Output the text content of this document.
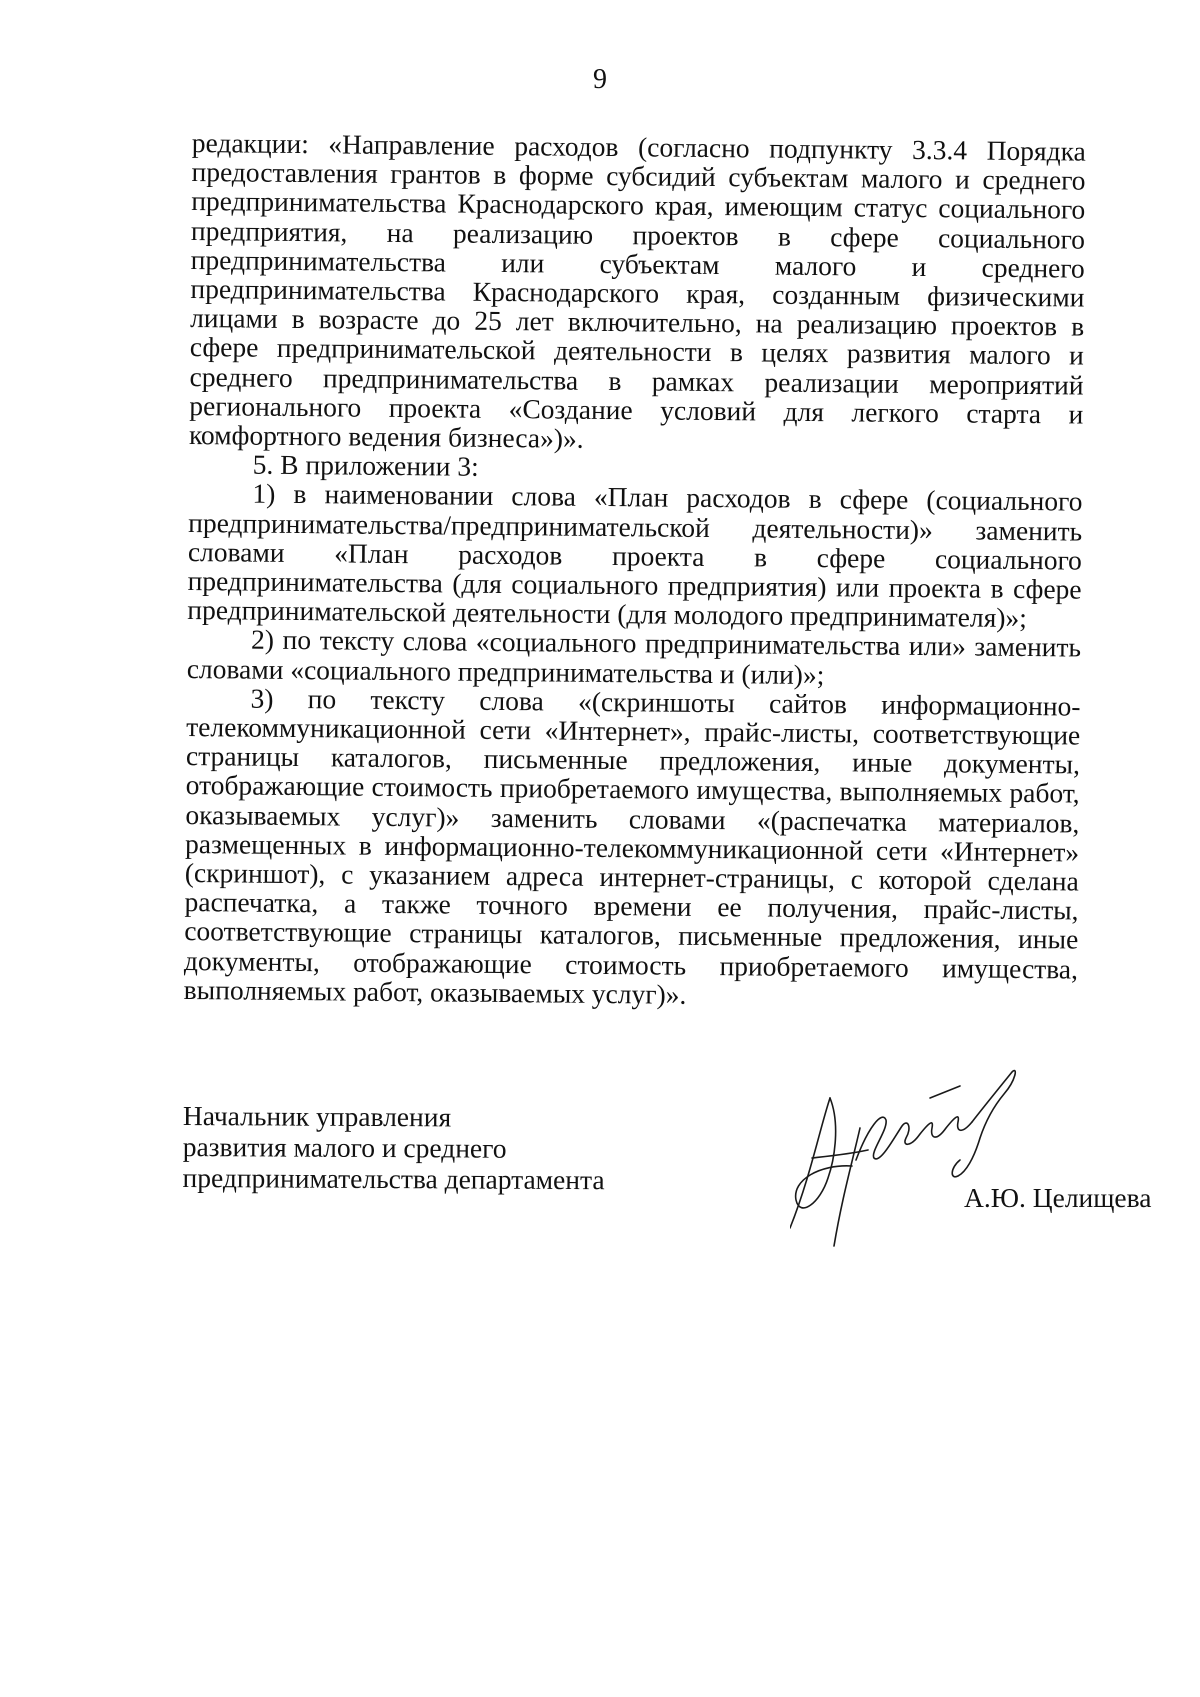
9

редакции: «Направление расходов (согласно подпункту 3.3.4 Порядка предоставления грантов в форме субсидий субъектам малого и среднего предпринимательства Краснодарского края, имеющим статус социального предприятия, на реализацию проектов в сфере социального предпринимательства или субъектам малого и среднего предпринимательства Краснодарского края, созданным физическими лицами в возрасте до 25 лет включительно, на реализацию проектов в сфере предпринимательской деятельности в целях развития малого и среднего предпринимательства в рамках реализации мероприятий регионального проекта «Создание условий для легкого старта и комфортного ведения бизнеса»)».

5. В приложении 3:

1) в наименовании слова «План расходов в сфере (социального предпринимательства/предпринимательской деятельности)» заменить словами «План расходов проекта в сфере социального предпринимательства (для социального предприятия) или проекта в сфере предпринимательской деятельности (для молодого предпринимателя)»;

2) по тексту слова «социального предпринимательства или» заменить словами «социального предпринимательства и (или)»;

3) по тексту слова «(скриншоты сайтов информационно-телекоммуникационной сети «Интернет», прайс-листы, соответствующие страницы каталогов, письменные предложения, иные документы, отображающие стоимость приобретаемого имущества, выполняемых работ, оказываемых услуг)» заменить словами «(распечатка материалов, размещенных в информационно-телекоммуникационной сети «Интернет» (скриншот), с указанием адреса интернет-страницы, с которой сделана распечатка, а также точного времени ее получения, прайс-листы, соответствующие страницы каталогов, письменные предложения, иные документы, отображающие стоимость приобретаемого имущества, выполняемых работ, оказываемых услуг)».

Начальник управления
развития малого и среднего
предпринимательства департамента
А.Ю. Целищева
